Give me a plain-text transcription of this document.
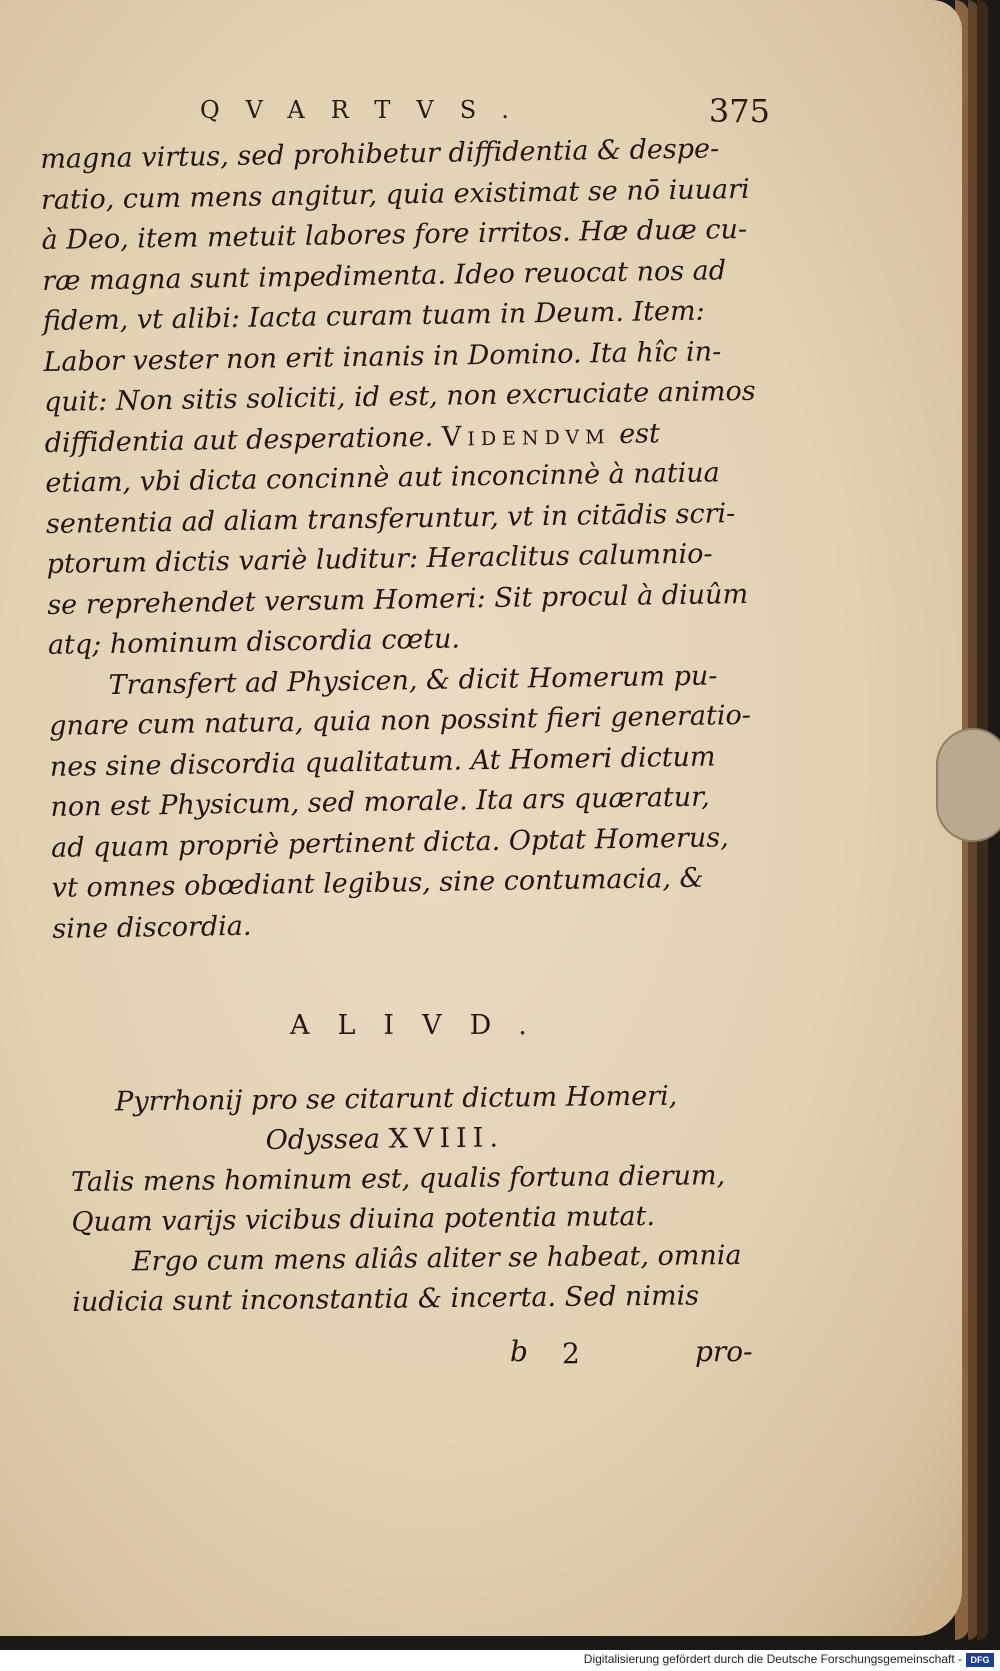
QVARTVS.	375
magna virtus, sed prohibetur diffidentia & despe-
ratio, cum mens angitur, quia existimat se nō iuuari
à Deo, item metuit labores fore irritos. Hæ duæ cu-
ræ magna sunt impedimenta. Ideo reuocat nos ad
fidem, vt alibi: Iacta curam tuam in Deum. Item:
Labor vester non erit inanis in Domino. Ita hîc in-
quit: Non sitis soliciti, id est, non excruciate animos
diffidentia aut desperatione. Videndvm est
etiam, vbi dicta concinnè aut inconcinnè à natiua
sententia ad aliam transferuntur, vt in citādis scri-
ptorum dictis variè luditur: Heraclitus calumnio-
se reprehendet versum Homeri: Sit procul à diuûm
atq; hominum discordia cœtu.
Transfert ad Physicen, & dicit Homerum pu-
gnare cum natura, quia non possint fieri generatio-
nes sine discordia qualitatum. At Homeri dictum
non est Physicum, sed morale. Ita ars quæratur,
ad quam propriè pertinent dicta. Optat Homerus,
vt omnes obœdiant legibus, sine contumacia, &
sine discordia.
ALIVD.
Pyrrhonij pro se citarunt dictum Homeri,
Odyssea XVIII.
Talis mens hominum est, qualis fortuna dierum,
Quam varijs vicibus diuina potentia mutat.
Ergo cum mens aliâs aliter se habeat, omnia
iudicia sunt inconstantia & incerta. Sed nimis
b 2	pro-
Digitalisierung gefördert durch die Deutsche Forschungsgemeinschaft - DFG
